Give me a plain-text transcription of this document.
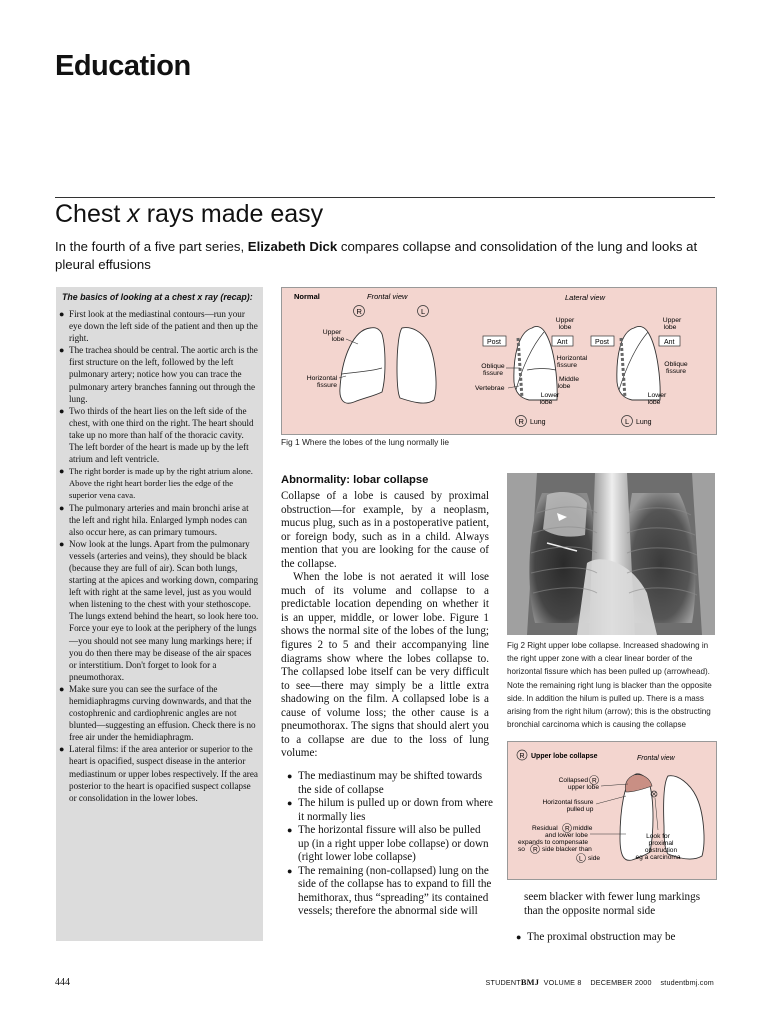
Education
Chest x rays made easy
In the fourth of a five part series, Elizabeth Dick compares collapse and consolidation of the lung and looks at pleural effusions
The basics of looking at a chest x ray (recap):
● First look at the mediastinal contours—run your eye down the left side of the patient and then up the right.
● The trachea should be central. The aortic arch is the first structure on the left, followed by the left pulmonary artery; notice how you can trace the pulmonary artery branches fanning out through the lung.
● Two thirds of the heart lies on the left side of the chest, with one third on the right. The heart should take up no more than half of the thoracic cavity. The left border of the heart is made up by the left atrium and left ventricle.
● The right border is made up by the right atrium alone. Above the right heart border lies the edge of the superior vena cava.
● The pulmonary arteries and main bronchi arise at the left and right hila. Enlarged lymph nodes can also occur here, as can primary tumours.
● Now look at the lungs. Apart from the pulmonary vessels (arteries and veins), they should be black (because they are full of air). Scan both lungs, starting at the apices and working down, comparing left with right at the same level, just as you would when listening to the chest with your stethoscope. The lungs extend behind the heart, so look here too. Force your eye to look at the periphery of the lungs—you should not see many lung markings here; if you do then there may be disease of the air spaces or interstitium. Don't forget to look for a pneumothorax.
● Make sure you can see the surface of the hemidiaphragms curving downwards, and that the costophrenic and cardiophrenic angles are not blunted—suggesting an effusion. Check there is no free air under the hemidiaphragm.
● Lateral films: if the area anterior or superior to the heart is opacified, suspect disease in the anterior mediastinum or upper lobes respectively. If the area posterior to the heart is opacified suspect collapse or consolidation in the lower lobes.
Normal	Frontal view	Lateral view
R	L
Upper lobe
Horizontal fissure
Post	Ant	Post	Ant
Upper lobe
Oblique fissure
Vertebrae
Horizontal fissure
Middle lobe
Lower lobe
Upper lobe
Oblique fissure
Lower lobe
R Lung	L Lung
Fig 1 Where the lobes of the lung normally lie
Abnormality: lobar collapse

Collapse of a lobe is caused by proximal obstruction—for example, by a neoplasm, mucus plug, such as in a postoperative patient, or foreign body, such as in a child. Always mention that you are looking for the cause of the collapse.

When the lobe is not aerated it will lose much of its volume and collapse to a predictable location depending on whether it is an upper, middle, or lower lobe. Figure 1 shows the normal site of the lobes of the lung; figures 2 to 5 and their accompanying line diagrams show where the lobes collapse to. The collapsed lobe itself can be very difficult to see—there may simply be a little extra shadowing on the film. A collapsed lobe is a cause of volume loss; the other cause is a pneumothorax. The signs that should alert you to a collapse are due to the loss of lung volume:

● The mediastinum may be shifted towards the side of collapse
● The hilum is pulled up or down from where it normally lies
● The horizontal fissure will also be pulled up (in a right upper lobe collapse) or down (right lower lobe collapse)
● The remaining (non-collapsed) lung on the side of the collapse has to expand to fill the hemithorax, thus “spreading” its contained vessels; therefore the abnormal side will
Fig 2 Right upper lobe collapse. Increased shadowing in the right upper zone with a clear linear border of the horizontal fissure which has been pulled up (arrowhead). Note the remaining right lung is blacker than the opposite side. In addition the hilum is pulled up. There is a mass arising from the right hilum (arrow); this is the obstructing bronchial carcinoma which is causing the collapse
R Upper lobe collapse	Frontal view
Collapsed R
upper lobe
Horizontal fissure
pulled up
Residual R middle
and lower lobe
expands to compensate
so R side blacker than
L side
Look for
proximal
obstruction
eg a carcinoma
seem blacker with fewer lung markings than the opposite normal side
● The proximal obstruction may be
444	STUDENTBMJ VOLUME 8 DECEMBER 2000 studentbmj.com
